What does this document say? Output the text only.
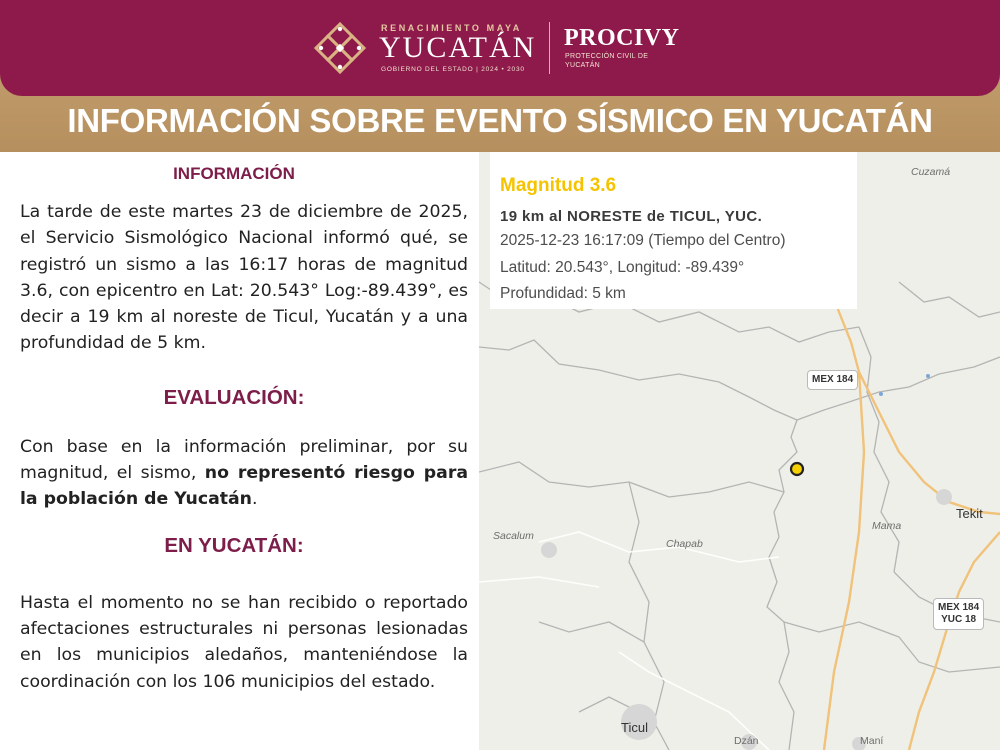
RENACIMIENTO MAYA
YUCATÁN
GOBIERNO DEL ESTADO | 2024 • 2030
PROCIVY
PROTECCIÓN CIVIL DE YUCATÁN
INFORMACIÓN SOBRE EVENTO SÍSMICO EN YUCATÁN
INFORMACIÓN
La tarde de este martes 23 de diciembre de 2025, el Servicio Sismológico Nacional informó qué, se registró un sismo a las 16:17 horas de magnitud 3.6, con epicentro en Lat: 20.543° Log:-89.439°, es decir a 19 km al noreste de Ticul, Yucatán y a una profundidad de 5 km.
EVALUACIÓN:
Con base en la información preliminar, por su magnitud, el sismo, no representó riesgo para la población de Yucatán.
EN YUCATÁN:
Hasta el momento no se han recibido o reportado afectaciones estructurales ni personas lesionadas en los municipios aledaños, manteniéndose la coordinación con los 106 municipios del estado.
MEX 184
MEX 184
YUC 18
Cuzamá
Tekit
Mama
Chapab
Sacalum
Ticul
Dzán	Maní
Magnitud 3.6
19 km al NORESTE de TICUL, YUC.
2025-12-23 16:17:09 (Tiempo del Centro)
Latitud: 20.543°, Longitud: -89.439°
Profundidad: 5 km
